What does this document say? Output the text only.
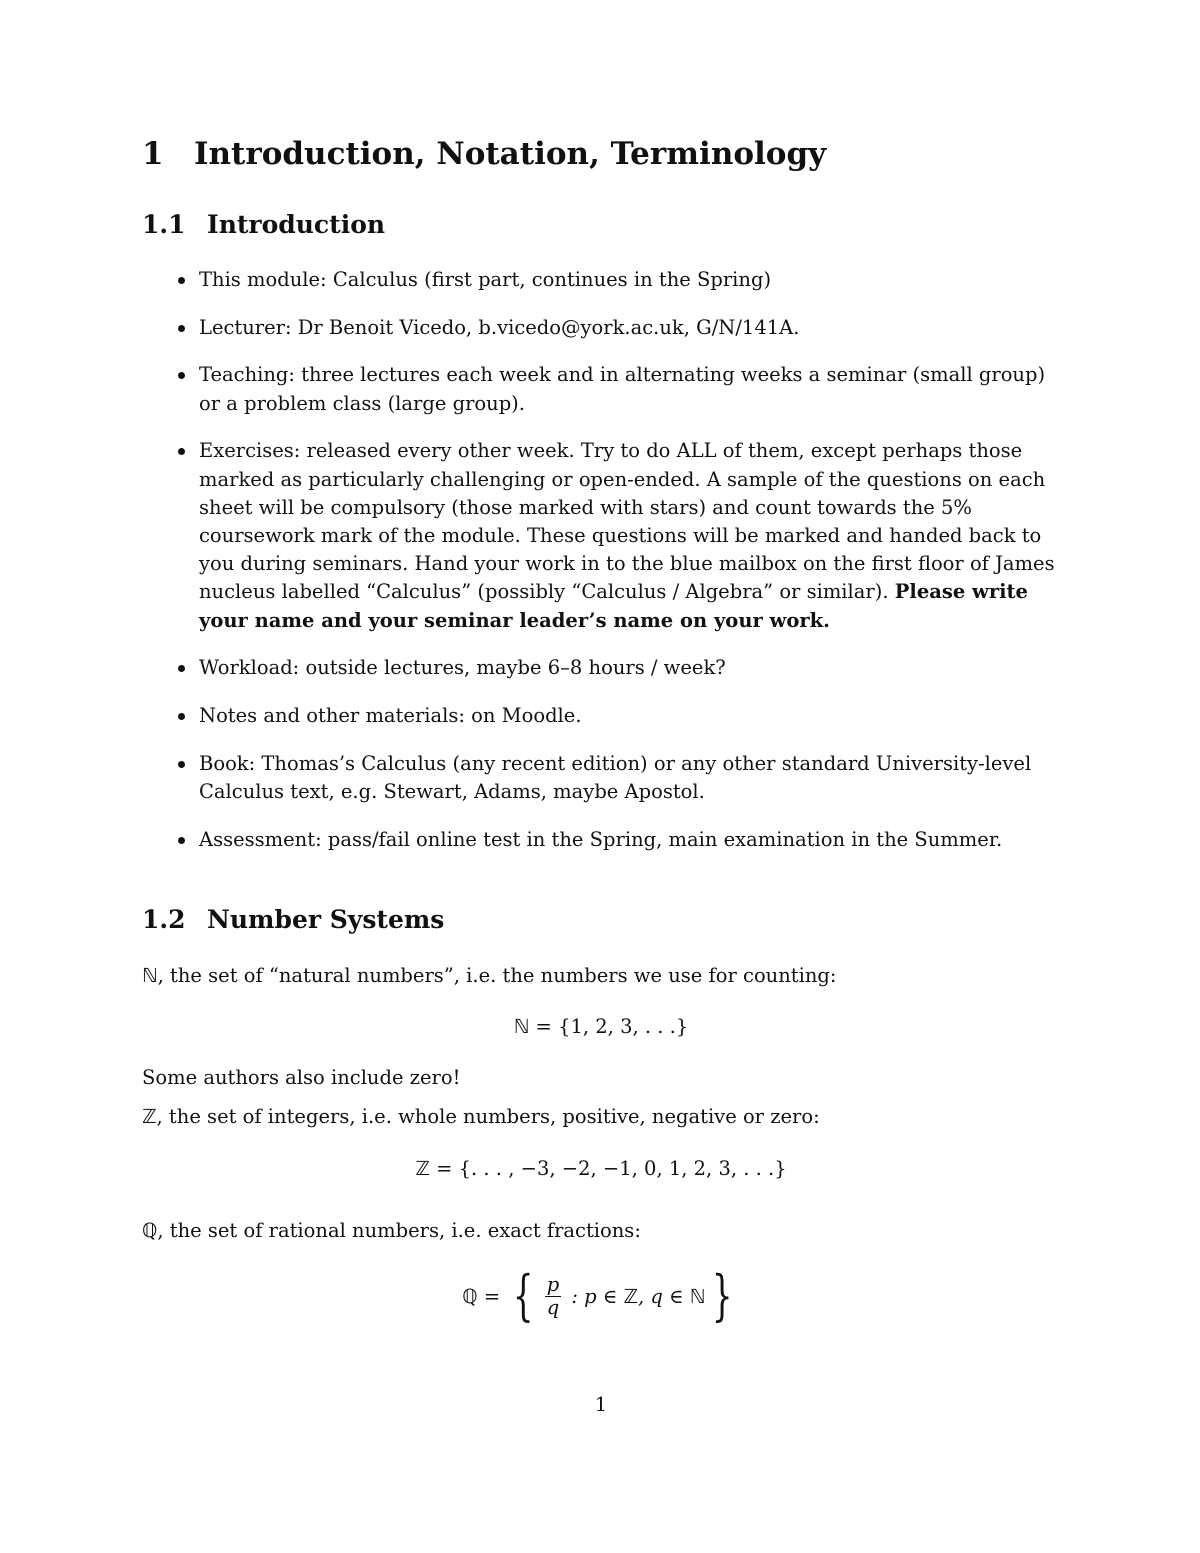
1 Introduction, Notation, Terminology
1.1 Introduction
This module: Calculus (first part, continues in the Spring)
Lecturer: Dr Benoit Vicedo, b.vicedo@york.ac.uk, G/N/141A.
Teaching: three lectures each week and in alternating weeks a seminar (small group) or a problem class (large group).
Exercises: released every other week. Try to do ALL of them, except perhaps those marked as particularly challenging or open-ended. A sample of the questions on each sheet will be compulsory (those marked with stars) and count towards the 5% coursework mark of the module. These questions will be marked and handed back to you during seminars. Hand your work in to the blue mailbox on the first floor of James nucleus labelled “Calculus” (possibly “Calculus / Algebra” or similar). Please write your name and your seminar leader’s name on your work.
Workload: outside lectures, maybe 6–8 hours / week?
Notes and other materials: on Moodle.
Book: Thomas’s Calculus (any recent edition) or any other standard University-level Calculus text, e.g. Stewart, Adams, maybe Apostol.
Assessment: pass/fail online test in the Spring, main examination in the Summer.
1.2 Number Systems
ℕ, the set of “natural numbers”, i.e. the numbers we use for counting:
ℕ = {1, 2, 3, . . .}
Some authors also include zero!
ℤ, the set of integers, i.e. whole numbers, positive, negative or zero:
ℤ = {. . . , −3, −2, −1, 0, 1, 2, 3, . . .}
ℚ, the set of rational numbers, i.e. exact fractions:
ℚ = { $\frac{p}{q}$ : p ∈ ℤ , q ∈ ℕ }
1
